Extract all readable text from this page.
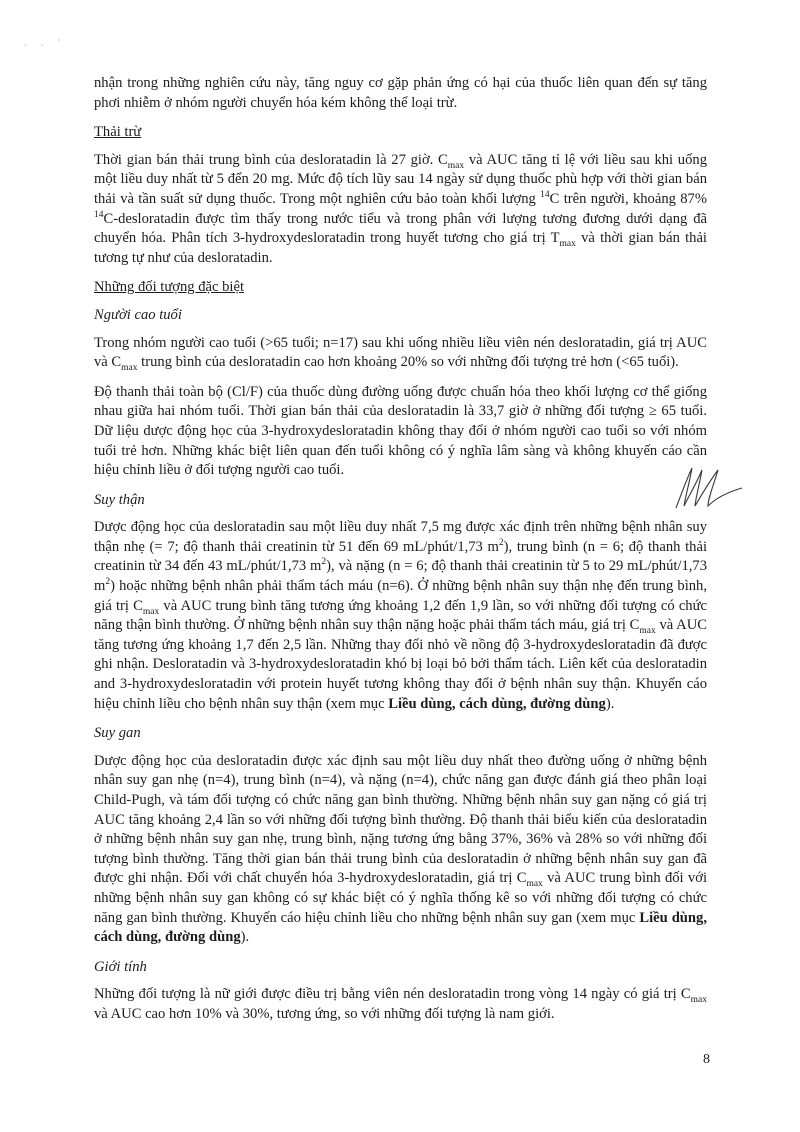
. . '

nhận trong những nghiên cứu này, tăng nguy cơ gặp phản ứng có hại của thuốc liên quan đến sự tăng phơi nhiễm ở nhóm người chuyển hóa kém không thể loại trừ.

Thải trừ

Thời gian bán thải trung bình của desloratadin là 27 giờ. $C_{max}$ và AUC tăng tỉ lệ với liều sau khi uống một liều duy nhất từ 5 đến 20 mg. Mức độ tích lũy sau 14 ngày sử dụng thuốc phù hợp với thời gian bán thải và tần suất sử dụng thuốc. Trong một nghiên cứu bảo toàn khối lượng $^{14}$C trên người, khoảng 87% $^{14}$C-desloratadin được tìm thấy trong nước tiểu và trong phân với lượng tương đương dưới dạng đã chuyển hóa. Phân tích 3-hydroxydesloratadin trong huyết tương cho giá trị $T_{max}$ và thời gian bán thải tương tự như của desloratadin.

Những đối tượng đặc biệt
Người cao tuổi

Trong nhóm người cao tuổi (>65 tuổi; n=17) sau khi uống nhiều liều viên nén desloratadin, giá trị AUC và $C_{max}$ trung bình của desloratadin cao hơn khoảng 20% so với những đối tượng trẻ hơn (<65 tuổi).

Độ thanh thải toàn bộ (Cl/F) của thuốc dùng đường uống được chuẩn hóa theo khối lượng cơ thể giống nhau giữa hai nhóm tuổi. Thời gian bán thải của desloratadin là 33,7 giờ ở những đối tượng ≥ 65 tuổi. Dữ liệu dược động học của 3-hydroxydesloratadin không thay đổi ở nhóm người cao tuổi so với nhóm tuổi trẻ hơn. Những khác biệt liên quan đến tuổi không có ý nghĩa lâm sàng và không khuyến cáo cần hiệu chỉnh liều ở đối tượng người cao tuổi.

Suy thận

Dược động học của desloratadin sau một liều duy nhất 7,5 mg được xác định trên những bệnh nhân suy thận nhẹ (= 7; độ thanh thải creatinin từ 51 đến 69 mL/phút/1,73 $m^2$), trung bình (n = 6; độ thanh thải creatinin từ 34 đến 43 mL/phút/1,73 $m^2$), và nặng (n = 6; độ thanh thải creatinin từ 5 to 29 mL/phút/1,73 $m^2$) hoặc những bệnh nhân phải thẩm tách máu (n=6). Ở những bệnh nhân suy thận nhẹ đến trung bình, giá trị $C_{max}$ và AUC trung bình tăng tương ứng khoảng 1,2 đến 1,9 lần, so với những đối tượng có chức năng thận bình thường. Ở những bệnh nhân suy thận nặng hoặc phải thẩm tách máu, giá trị $C_{max}$ và AUC tăng tương ứng khoảng 1,7 đến 2,5 lần. Những thay đổi nhỏ về nồng độ 3-hydroxydesloratadin đã được ghi nhận. Desloratadin và 3-hydroxydesloratadin khó bị loại bỏ bởi thẩm tách. Liên kết của desloratadin and 3-hydroxydesloratadin với protein huyết tương không thay đổi ở bệnh nhân suy thận. Khuyến cáo hiệu chỉnh liều cho bệnh nhân suy thận (xem mục Liều dùng, cách dùng, đường dùng).

Suy gan

Dược động học của desloratadin được xác định sau một liều duy nhất theo đường uống ở những bệnh nhân suy gan nhẹ (n=4), trung bình (n=4), và nặng (n=4), chức năng gan được đánh giá theo phân loại Child-Pugh, và tám đối tượng có chức năng gan bình thường. Những bệnh nhân suy gan nặng có giá trị AUC tăng khoảng 2,4 lần so với những đối tượng bình thường. Độ thanh thải biểu kiến của desloratadin ở những bệnh nhân suy gan nhẹ, trung bình, nặng tương ứng bằng 37%, 36% và 28% so với những đối tượng bình thường. Tăng thời gian bán thải trung bình của desloratadin ở những bệnh nhân suy gan đã được ghi nhận. Đối với chất chuyển hóa 3-hydroxydesloratadin, giá trị $C_{max}$ và AUC trung bình đối với những bệnh nhân suy gan không có sự khác biệt có ý nghĩa thống kê so với những đối tượng có chức năng gan bình thường. Khuyến cáo hiệu chỉnh liều cho những bệnh nhân suy gan (xem mục Liều dùng, cách dùng, đường dùng).

Giới tính

Những đối tượng là nữ giới được điều trị bằng viên nén desloratadin trong vòng 14 ngày có giá trị $C_{max}$ và AUC cao hơn 10% và 30%, tương ứng, so với những đối tượng là nam giới.

8
